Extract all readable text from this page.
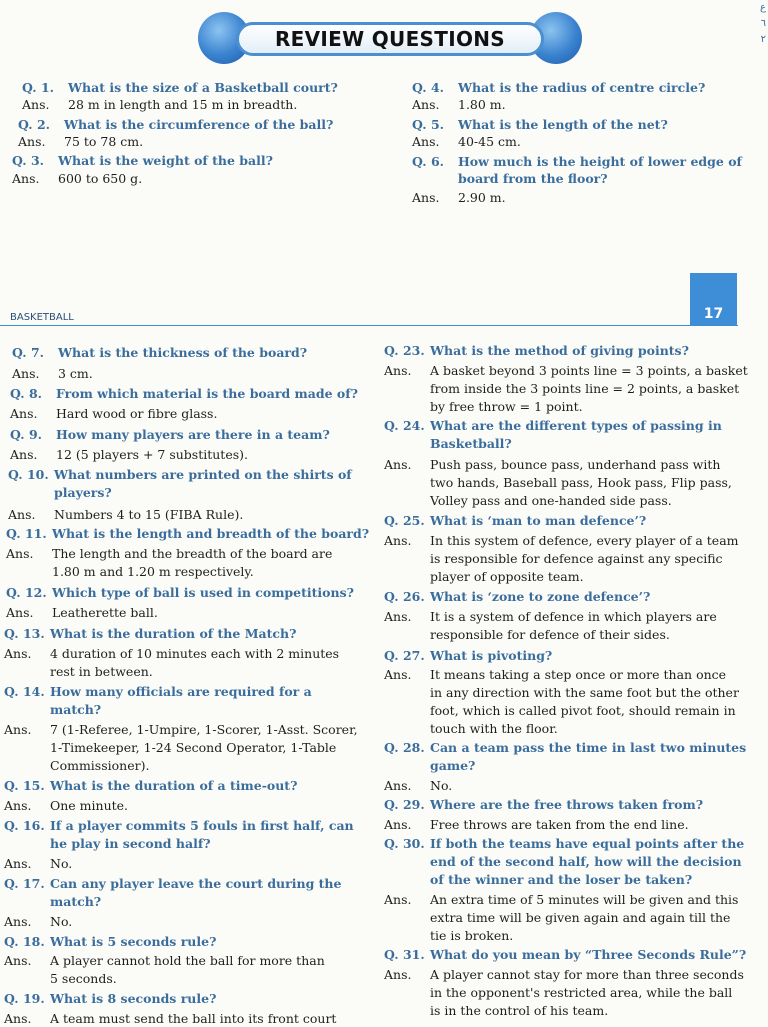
REVIEW QUESTIONS
ع
٦
٢
BASKETBALL	17
Q. 1. What is the size of a Basketball court?
Ans. 28 m in length and 15 m in breadth.
Q. 2. What is the circumference of the ball?
Ans. 75 to 78 cm.
Q. 3. What is the weight of the ball?
Ans. 600 to 650 g.
Q. 4. What is the radius of centre circle?
Ans. 1.80 m.
Q. 5. What is the length of the net?
Ans. 40-45 cm.
Q. 6. How much is the height of lower edge of
board from the floor?
Ans. 2.90 m.
Q. 7. What is the thickness of the board?
Ans. 3 cm.
Q. 8. From which material is the board made of?
Ans. Hard wood or fibre glass.
Q. 9. How many players are there in a team?
Ans. 12 (5 players + 7 substitutes).
Q. 10. What numbers are printed on the shirts of
players?
Ans. Numbers 4 to 15 (FIBA Rule).
Q. 11. What is the length and breadth of the board?
Ans. The length and the breadth of the board are
1.80 m and 1.20 m respectively.
Q. 12. Which type of ball is used in competitions?
Ans. Leatherette ball.
Q. 13. What is the duration of the Match?
Ans. 4 duration of 10 minutes each with 2 minutes
rest in between.
Q. 14. How many officials are required for a
match?
Ans. 7 (1-Referee, 1-Umpire, 1-Scorer, 1-Asst. Scorer,
1-Timekeeper, 1-24 Second Operator, 1-Table
Commissioner).
Q. 15. What is the duration of a time-out?
Ans. One minute.
Q. 16. If a player commits 5 fouls in first half, can
he play in second half?
Ans. No.
Q. 17. Can any player leave the court during the
match?
Ans. No.
Q. 18. What is 5 seconds rule?
Ans. A player cannot hold the ball for more than
5 seconds.
Q. 19. What is 8 seconds rule?
Ans. A team must send the ball into its front court
Q. 23. What is the method of giving points?
Ans. A basket beyond 3 points line = 3 points, a basket
from inside the 3 points line = 2 points, a basket
by free throw = 1 point.
Q. 24. What are the different types of passing in
Basketball?
Ans. Push pass, bounce pass, underhand pass with
two hands, Baseball pass, Hook pass, Flip pass,
Volley pass and one-handed side pass.
Q. 25. What is ‘man to man defence’?
Ans. In this system of defence, every player of a team
is responsible for defence against any specific
player of opposite team.
Q. 26. What is ‘zone to zone defence’?
Ans. It is a system of defence in which players are
responsible for defence of their sides.
Q. 27. What is pivoting?
Ans. It means taking a step once or more than once
in any direction with the same foot but the other
foot, which is called pivot foot, should remain in
touch with the floor.
Q. 28. Can a team pass the time in last two minutes
game?
Ans. No.
Q. 29. Where are the free throws taken from?
Ans. Free throws are taken from the end line.
Q. 30. If both the teams have equal points after the
end of the second half, how will the decision
of the winner and the loser be taken?
Ans. An extra time of 5 minutes will be given and this
extra time will be given again and again till the
tie is broken.
Q. 31. What do you mean by “Three Seconds Rule”?
Ans. A player cannot stay for more than three seconds
in the opponent's restricted area, while the ball
is in the control of his team.
